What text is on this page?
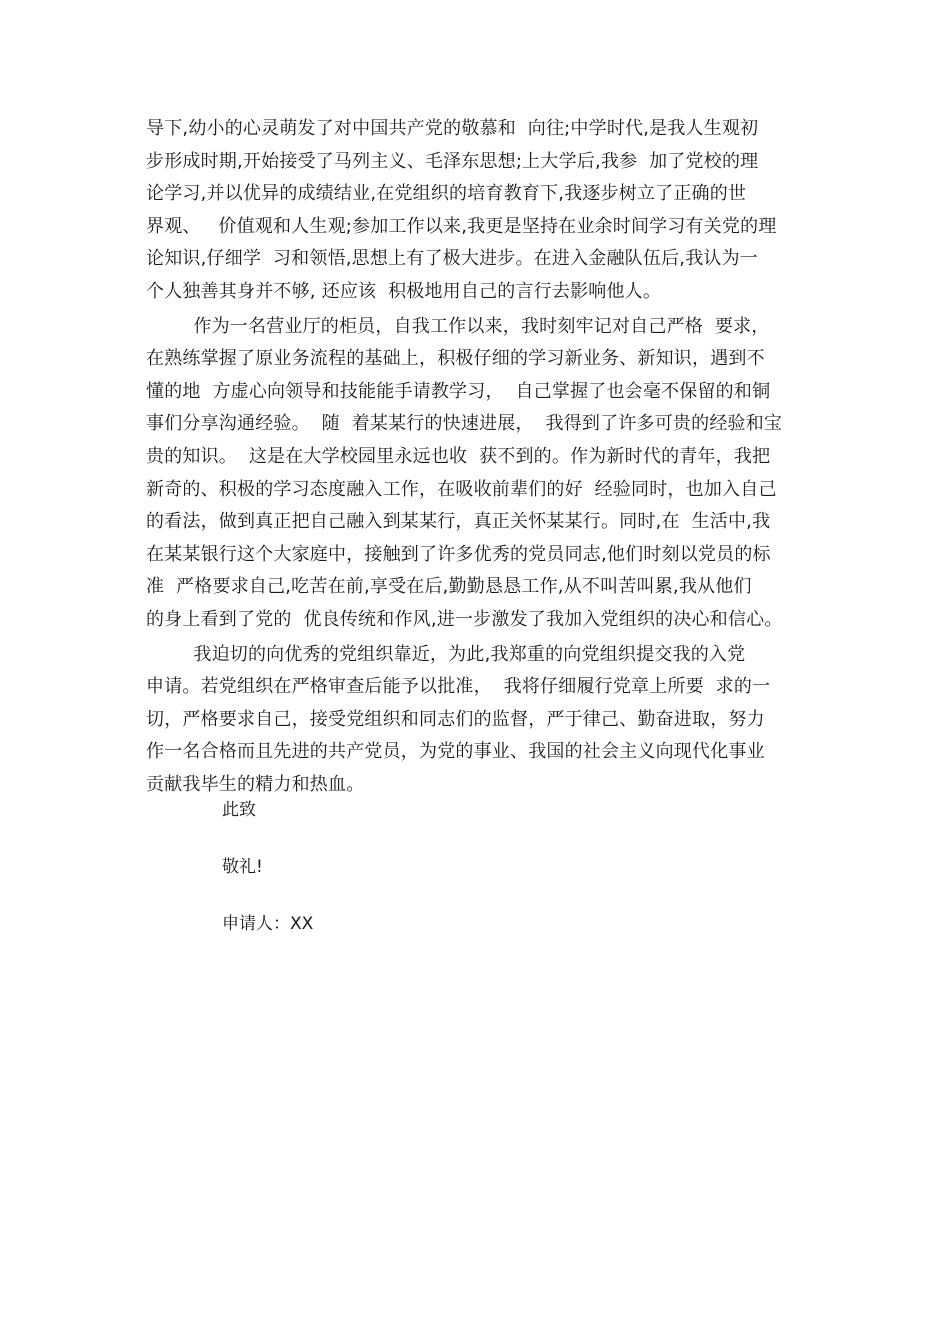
导下,幼小的心灵萌发了对中国共产党的敬慕和  向往;中学时代,是我人生观初
步形成时期,开始接受了马列主义、毛泽东思想;上大学后,我参  加了党校的理
论学习,并以优异的成绩结业,在党组织的培育教育下,我逐步树立了正确的世
界观、   价值观和人生观;参加工作以来,我更是坚持在业余时间学习有关党的理
论知识,仔细学  习和领悟,思想上有了极大进步。在进入金融队伍后,我认为一
个人独善其身并不够, 还应该  积极地用自己的言行去影响他人。
作为一名营业厅的柜员，自我工作以来，我时刻牢记对自己严格  要求，
在熟练掌握了原业务流程的基础上，积极仔细的学习新业务、新知识，遇到不
懂的地  方虚心向领导和技能能手请教学习，  自己掌握了也会毫不保留的和铜
事们分享沟通经验。  随  着某某行的快速进展，  我得到了许多可贵的经验和宝
贵的知识。  这是在大学校园里永远也收  获不到的。作为新时代的青年，我把
新奇的、积极的学习态度融入工作，在吸收前辈们的好  经验同时，也加入自己
的看法，做到真正把自己融入到某某行，真正关怀某某行。同时,在  生活中,我
在某某银行这个大家庭中，接触到了许多优秀的党员同志,他们时刻以党员的标
准  严格要求自己,吃苦在前,享受在后,勤勤恳恳工作,从不叫苦叫累,我从他们
的身上看到了党的  优良传统和作风,进一步激发了我加入党组织的决心和信心。
我迫切的向优秀的党组织靠近，为此,我郑重的向党组织提交我的入党
申请。若党组织在严格审查后能予以批准，  我将仔细履行党章上所要  求的一
切，严格要求自己，接受党组织和同志们的监督，严于律己、勤奋进取，努力
作一名合格而且先进的共产党员，为党的事业、我国的社会主义向现代化事业
贡献我毕生的精力和热血。
此致
敬礼!
申请人：XX
